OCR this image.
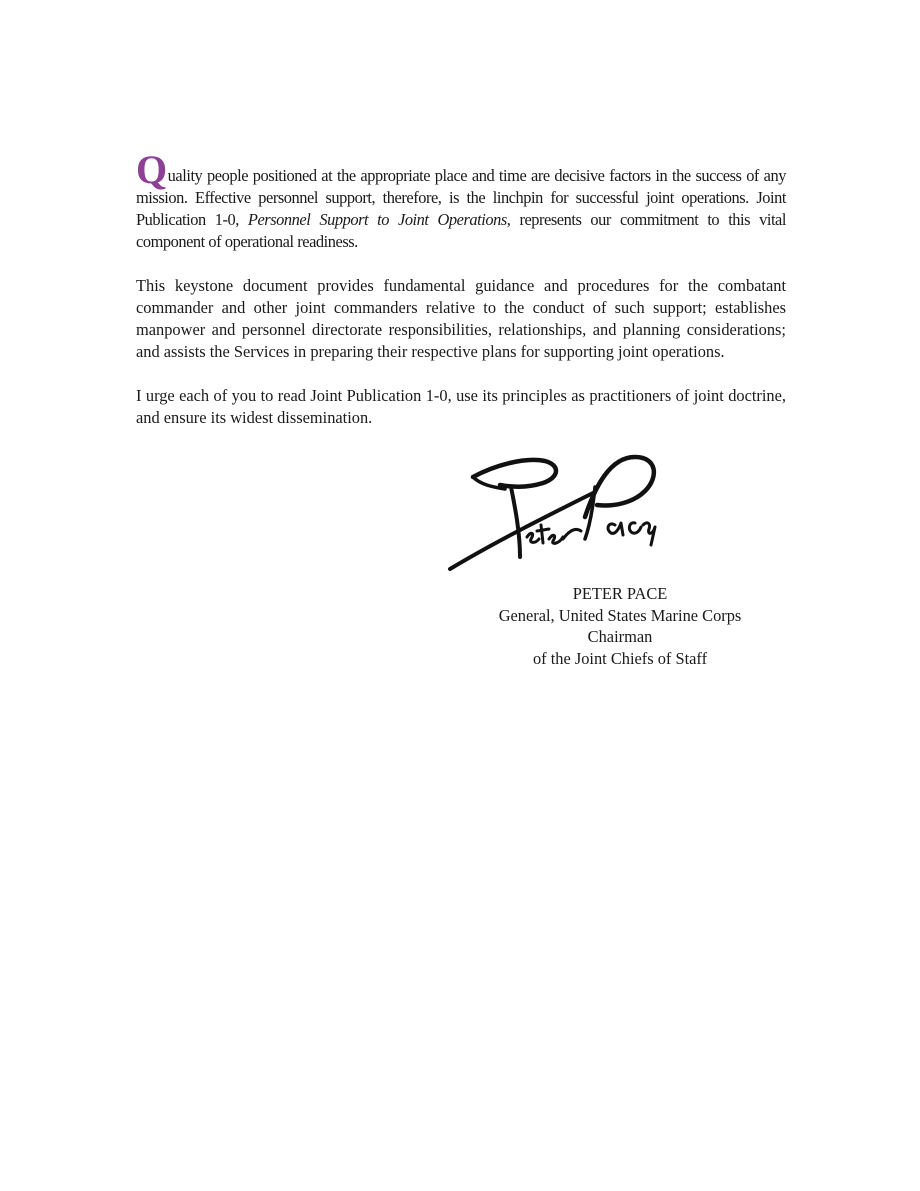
Quality people positioned at the appropriate place and time are decisive factors in the success of any mission. Effective personnel support, therefore, is the linchpin for successful joint operations. Joint Publication 1-0, Personnel Support to Joint Operations, represents our commitment to this vital component of operational readiness.

This keystone document provides fundamental guidance and procedures for the combatant commander and other joint commanders relative to the conduct of such support; establishes manpower and personnel directorate responsibilities, relationships, and planning considerations; and assists the Services in preparing their respective plans for supporting joint operations.

I urge each of you to read Joint Publication 1-0, use its principles as practitioners of joint doctrine, and ensure its widest dissemination.

PETER PACE
General, United States Marine Corps
Chairman
of the Joint Chiefs of Staff
